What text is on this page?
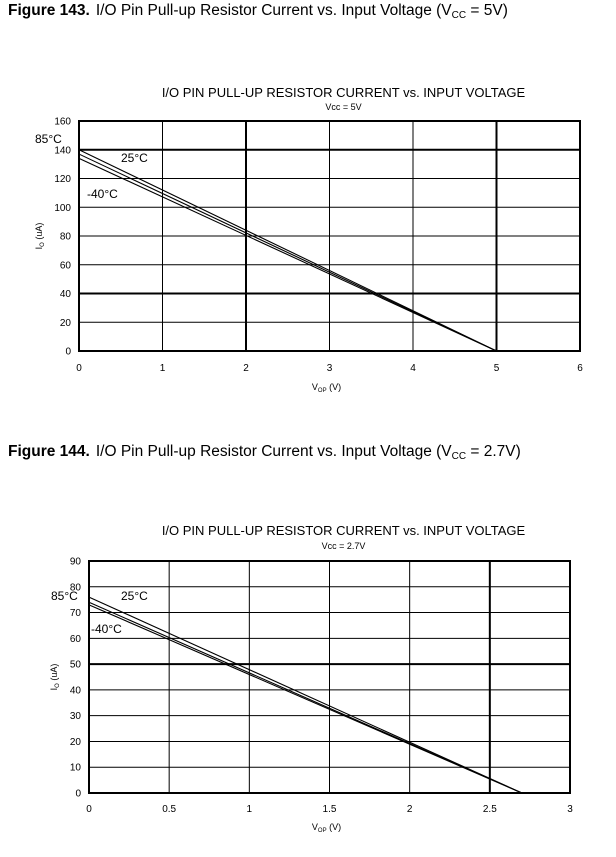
Figure 143. I/O Pin Pull-up Resistor Current vs. Input Voltage $(V_{CC} = 5V)$
I/O PIN PULL-UP RESISTOR CURRENT vs. INPUT VOLTAGE
Vcc = 5V
0
20
40
60
80
100
120
140
160
0	1	2	3	4	5	6
$V_{OP}$ (V)
$I_O$ (uA)
85°C
25°C
-40°C
Figure 144. I/O Pin Pull-up Resistor Current vs. Input Voltage $(V_{CC} = 2.7V)$
I/O PIN PULL-UP RESISTOR CURRENT vs. INPUT VOLTAGE
Vcc = 2.7V
0
10
20
30
40
50
60
70
80
90
0	0.5	1	1.5	2	2.5	3
$V_{OP}$ (V)
$I_O$ (uA)
85°C	25°C
-40°C
